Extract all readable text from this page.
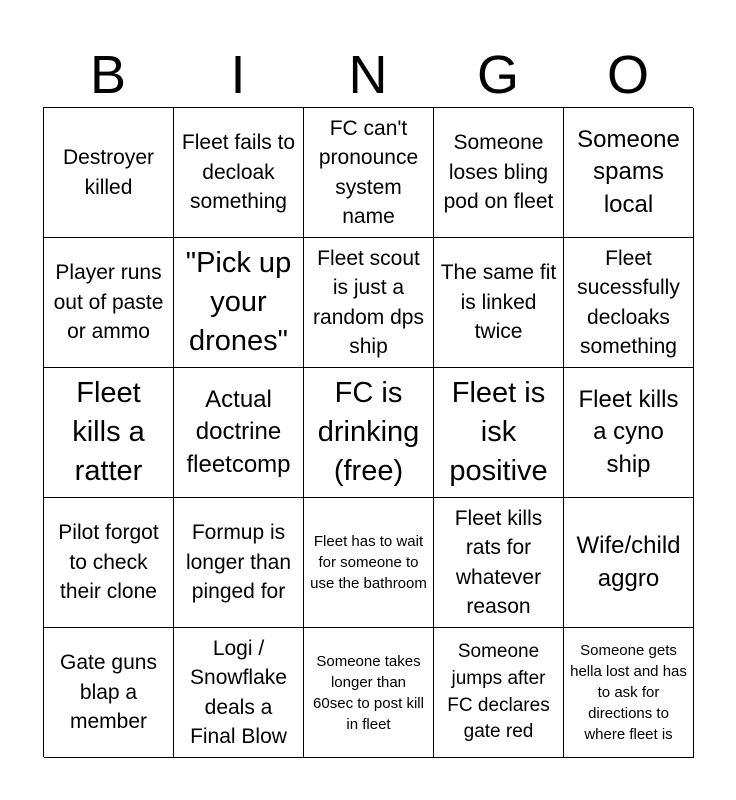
B	I	N	G	O
Destroyer killed
Fleet fails to decloak something
FC can't pronounce system name
Someone loses bling pod on fleet
Someone spams local
Player runs out of paste or ammo
"Pick up your drones"
Fleet scout is just a random dps ship
The same fit is linked twice
Fleet sucessfully decloaks something
Fleet kills a ratter
Actual doctrine fleetcomp
FC is drinking (free)
Fleet is isk positive
Fleet kills a cyno ship
Pilot forgot to check their clone
Formup is longer than pinged for
Fleet has to wait for someone to use the bathroom
Fleet kills rats for whatever reason
Wife/child aggro
Gate guns blap a member
Logi / Snowflake deals a Final Blow
Someone takes longer than 60sec to post kill in fleet
Someone jumps after FC declares gate red
Someone gets hella lost and has to ask for directions to where fleet is
